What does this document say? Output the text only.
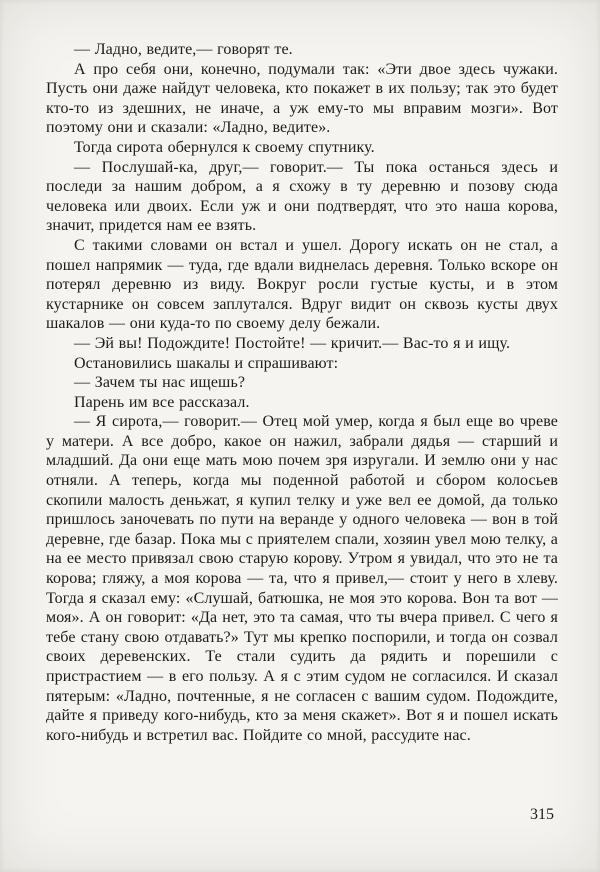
— Ладно, ведите,— говорят те.

А про себя они, конечно, подумали так: «Эти двое здесь чужаки. Пусть они даже найдут человека, кто покажет в их пользу; так это будет кто-то из здешних, не иначе, а уж ему-то мы вправим мозги». Вот поэтому они и сказали: «Ладно, ведите».

Тогда сирота обернулся к своему спутнику.

— Послушай-ка, друг,— говорит.— Ты пока останься здесь и последи за нашим добром, а я схожу в ту деревню и позову сюда человека или двоих. Если уж и они подтвердят, что это наша корова, значит, придется нам ее взять.

С такими словами он встал и ушел. Дорогу искать он не стал, а пошел напрямик — туда, где вдали виднелась деревня. Только вскоре он потерял деревню из виду. Вокруг росли густые кусты, и в этом кустарнике он совсем заплутался. Вдруг видит он сквозь кусты двух шакалов — они куда-то по своему делу бежали.

— Эй вы! Подождите! Постойте! — кричит.— Вас-то я и ищу.

Остановились шакалы и спрашивают:

— Зачем ты нас ищешь?

Парень им все рассказал.

— Я сирота,— говорит.— Отец мой умер, когда я был еще во чреве у матери. А все добро, какое он нажил, забрали дядья — старший и младший. Да они еще мать мою почем зря изругали. И землю они у нас отняли. А теперь, когда мы поденной работой и сбором колосьев скопили малость деньжат, я купил телку и уже вел ее домой, да только пришлось заночевать по пути на веранде у одного человека — вон в той деревне, где базар. Пока мы с приятелем спали, хозяин увел мою телку, а на ее место привязал свою старую корову. Утром я увидал, что это не та корова; гляжу, а моя корова — та, что я привел,— стоит у него в хлеву. Тогда я сказал ему: «Слушай, батюшка, не моя это корова. Вон та вот — моя». А он говорит: «Да нет, это та самая, что ты вчера привел. С чего я тебе стану свою отдавать?» Тут мы крепко поспорили, и тогда он созвал своих деревенских. Те стали судить да рядить и порешили с пристрастием — в его пользу. А я с этим судом не согласился. И сказал пятерым: «Ладно, почтенные, я не согласен с вашим судом. Подождите, дайте я приведу кого-нибудь, кто за меня скажет». Вот я и пошел искать кого-нибудь и встретил вас. Пойдите со мной, рассудите нас.

315
